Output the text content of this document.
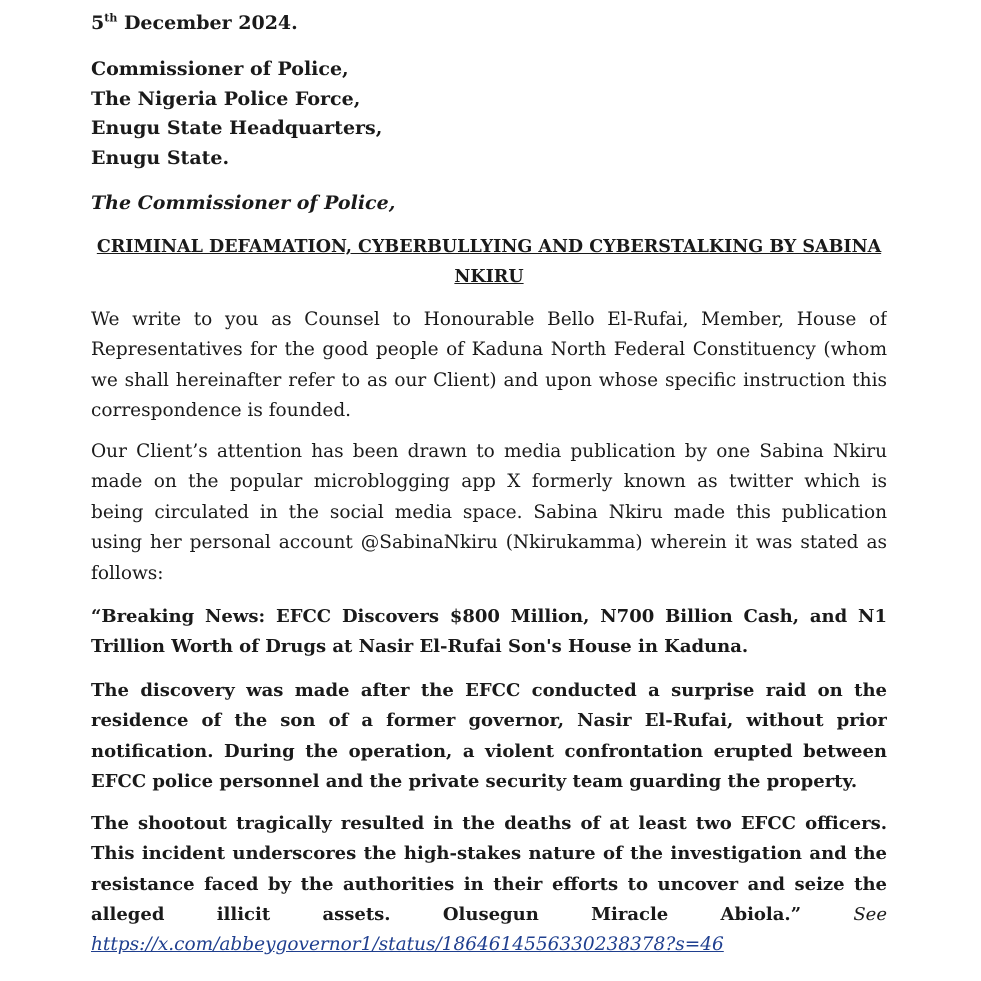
5th December 2024.
Commissioner of Police,
The Nigeria Police Force,
Enugu State Headquarters,
Enugu State.
The Commissioner of Police,
CRIMINAL DEFAMATION, CYBERBULLYING AND CYBERSTALKING BY SABINA
NKIRU
We write to you as Counsel to Honourable Bello El-Rufai, Member, House of
Representatives for the good people of Kaduna North Federal Constituency (whom
we shall hereinafter refer to as our Client) and upon whose specific instruction this
correspondence is founded.
Our Client’s attention has been drawn to media publication by one Sabina Nkiru
made on the popular microblogging app X formerly known as twitter which is
being circulated in the social media space. Sabina Nkiru made this publication
using her personal account @SabinaNkiru (Nkirukamma) wherein it was stated as
follows:
“Breaking News: EFCC Discovers $800 Million, N700 Billion Cash, and N1
Trillion Worth of Drugs at Nasir El-Rufai Son's House in Kaduna.
The discovery was made after the EFCC conducted a surprise raid on the
residence of the son of a former governor, Nasir El-Rufai, without prior
notification. During the operation, a violent confrontation erupted between
EFCC police personnel and the private security team guarding the property.
The shootout tragically resulted in the deaths of at least two EFCC officers.
This incident underscores the high-stakes nature of the investigation and the
resistance faced by the authorities in their efforts to uncover and seize the
alleged	illicit	assets.	Olusegun	Miracle	Abiola.”	See
https://x.com/abbeygovernor1/status/1864614556330238378?s=46
